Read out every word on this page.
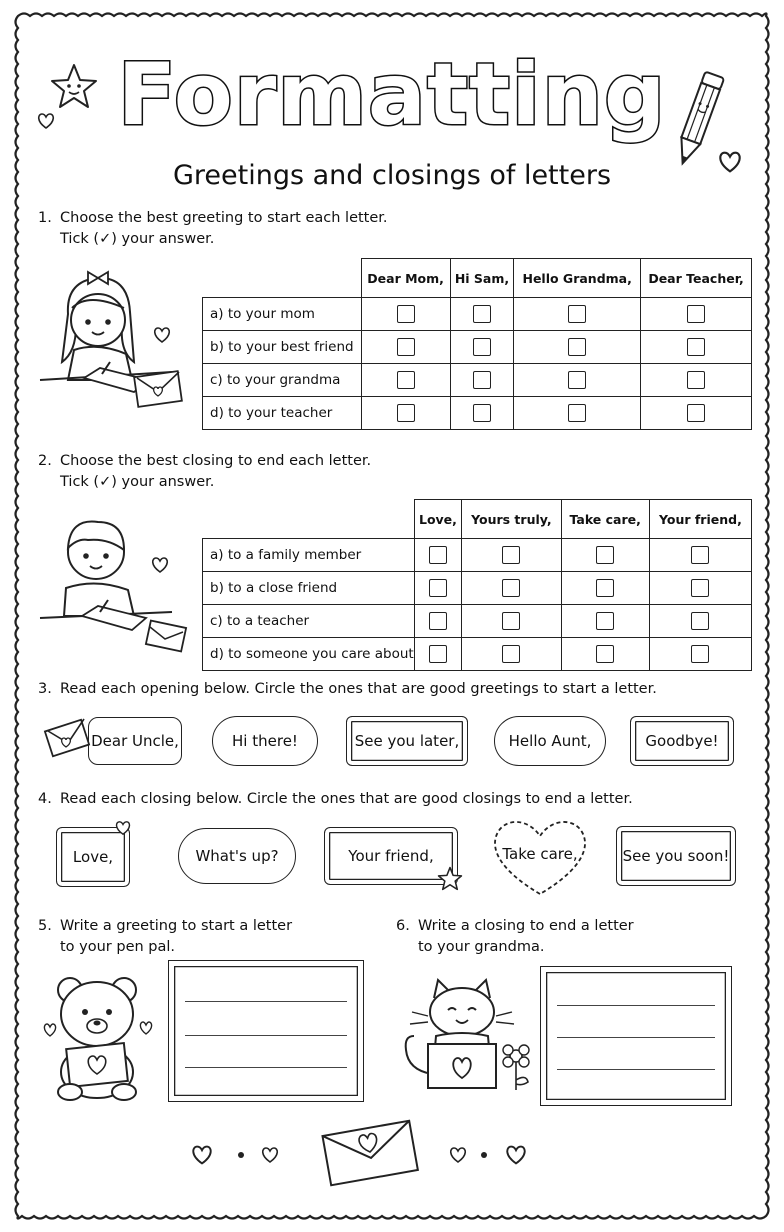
Formatting
Greetings and closings of letters
1. Choose the best greeting to start each letter.
Tick (✓) your answer.
	Dear Mom,	Hi Sam,	Hello Grandma,	Dear Teacher,
a) to your mom				
b) to your best friend				
c) to your grandma				
d) to your teacher				
2. Choose the best closing to end each letter.
Tick (✓) your answer.
	Love,	Yours truly,	Take care,	Your friend,
a) to a family member				
b) to a close friend				
c) to a teacher				
d) to someone you care about				
3. Read each opening below. Circle the ones that are good greetings to start a letter.
Dear Uncle,	Hi there!	See you later,	Hello Aunt,	Goodbye!
4. Read each closing below. Circle the ones that are good closings to end a letter.
Love,	What's up?	Your friend,	Take care,	See you soon!
5. Write a greeting to start a letter
to your pen pal.
6. Write a closing to end a letter
to your grandma.
